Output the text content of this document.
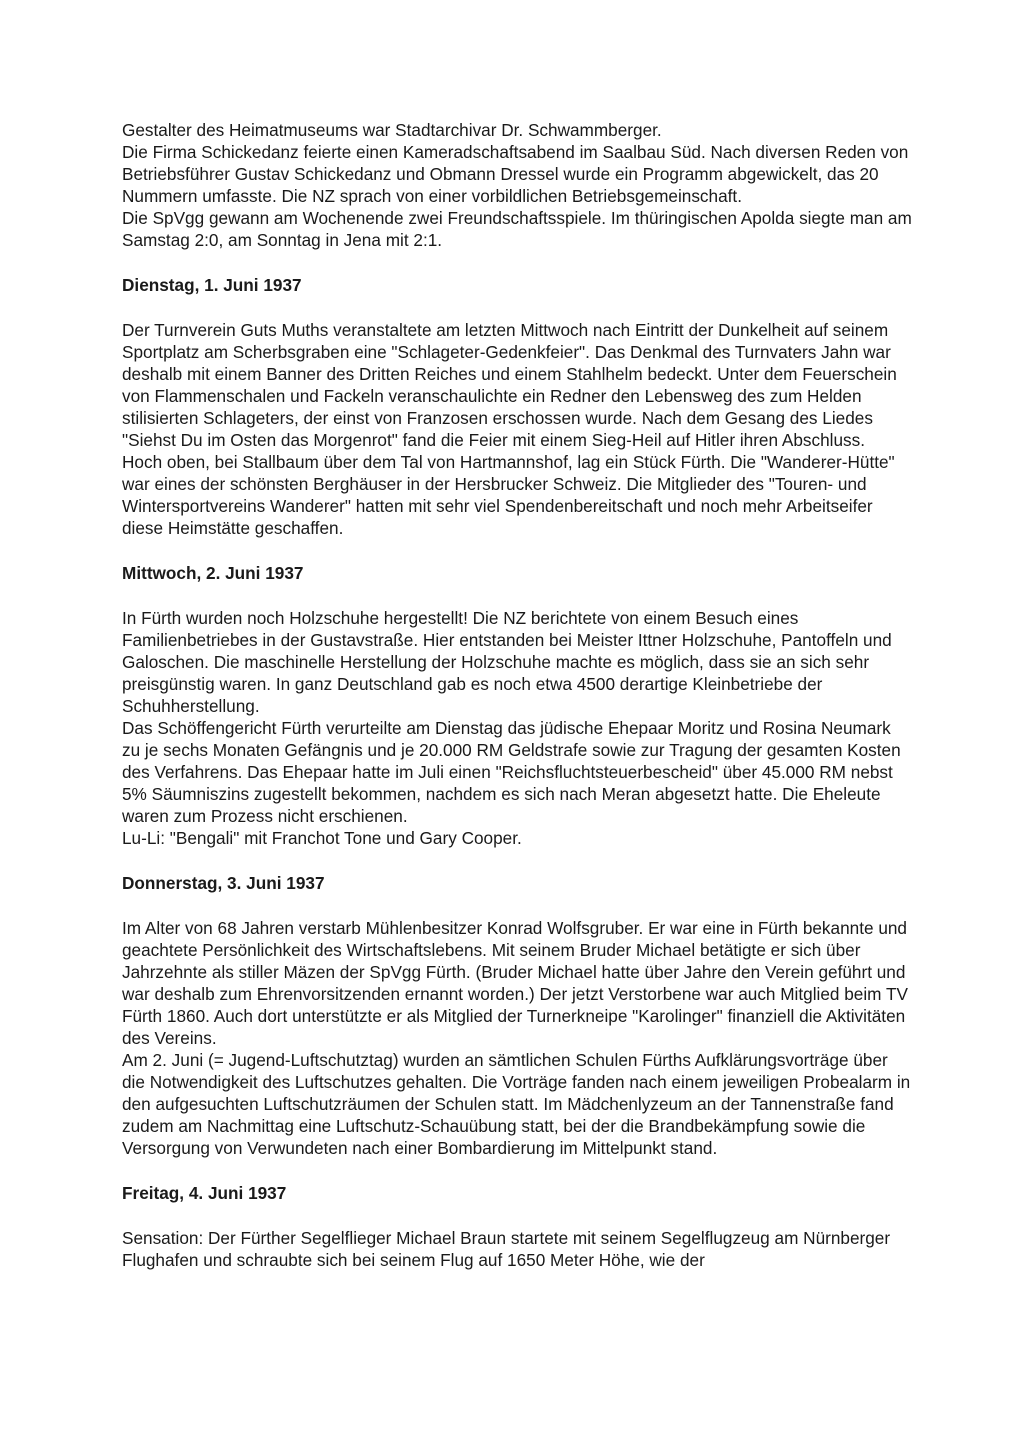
Gestalter des Heimatmuseums war Stadtarchivar Dr. Schwammberger.

Die Firma Schickedanz feierte einen Kameradschaftsabend im Saalbau Süd. Nach diversen Reden von Betriebsführer Gustav Schickedanz und Obmann Dressel wurde ein Programm abgewickelt, das 20 Nummern umfasste. Die NZ sprach von einer vorbildlichen Betriebsgemeinschaft.

Die SpVgg gewann am Wochenende zwei Freundschaftsspiele. Im thüringischen Apolda siegte man am Samstag 2:0, am Sonntag in Jena mit 2:1.

Dienstag, 1. Juni 1937

Der Turnverein Guts Muths veranstaltete am letzten Mittwoch nach Eintritt der Dunkelheit auf seinem Sportplatz am Scherbsgraben eine "Schlageter-Gedenkfeier". Das Denkmal des Turnvaters Jahn war deshalb mit einem Banner des Dritten Reiches und einem Stahlhelm bedeckt. Unter dem Feuerschein von Flammenschalen und Fackeln veranschaulichte ein Redner den Lebensweg des zum Helden stilisierten Schlageters, der einst von Franzosen erschossen wurde. Nach dem Gesang des Liedes "Siehst Du im Osten das Morgenrot" fand die Feier mit einem Sieg-Heil auf Hitler ihren Abschluss.

Hoch oben, bei Stallbaum über dem Tal von Hartmannshof, lag ein Stück Fürth. Die "Wanderer-Hütte" war eines der schönsten Berghäuser in der Hersbrucker Schweiz. Die Mitglieder des "Touren- und Wintersportvereins Wanderer" hatten mit sehr viel Spendenbereitschaft und noch mehr Arbeitseifer diese Heimstätte geschaffen.

Mittwoch, 2. Juni 1937

In Fürth wurden noch Holzschuhe hergestellt! Die NZ berichtete von einem Besuch eines Familienbetriebes in der Gustavstraße. Hier entstanden bei Meister Ittner Holzschuhe, Pantoffeln und Galoschen. Die maschinelle Herstellung der Holzschuhe machte es möglich, dass sie an sich sehr preisgünstig waren. In ganz Deutschland gab es noch etwa 4500 derartige Kleinbetriebe der Schuhherstellung.

Das Schöffengericht Fürth verurteilte am Dienstag das jüdische Ehepaar Moritz und Rosina Neumark zu je sechs Monaten Gefängnis und je 20.000 RM Geldstrafe sowie zur Tragung der gesamten Kosten des Verfahrens. Das Ehepaar hatte im Juli einen "Reichsfluchtsteuerbescheid" über 45.000 RM nebst 5% Säumniszins zugestellt bekommen, nachdem es sich nach Meran abgesetzt hatte. Die Eheleute waren zum Prozess nicht erschienen.

Lu-Li: "Bengali" mit Franchot Tone und Gary Cooper.

Donnerstag, 3. Juni 1937

Im Alter von 68 Jahren verstarb Mühlenbesitzer Konrad Wolfsgruber. Er war eine in Fürth bekannte und geachtete Persönlichkeit des Wirtschaftslebens. Mit seinem Bruder Michael betätigte er sich über Jahrzehnte als stiller Mäzen der SpVgg Fürth. (Bruder Michael hatte über Jahre den Verein geführt und war deshalb zum Ehrenvorsitzenden ernannt worden.) Der jetzt Verstorbene war auch Mitglied beim TV Fürth 1860. Auch dort unterstützte er als Mitglied der Turnerkneipe "Karolinger" finanziell die Aktivitäten des Vereins.

Am 2. Juni (= Jugend-Luftschutztag) wurden an sämtlichen Schulen Fürths Aufklärungsvorträge über die Notwendigkeit des Luftschutzes gehalten. Die Vorträge fanden nach einem jeweiligen Probealarm in den aufgesuchten Luftschutzräumen der Schulen statt. Im Mädchenlyzeum an der Tannenstraße fand zudem am Nachmittag eine Luftschutz-Schauübung statt, bei der die Brandbekämpfung sowie die Versorgung von Verwundeten nach einer Bombardierung im Mittelpunkt stand.

Freitag, 4. Juni 1937

Sensation: Der Fürther Segelflieger Michael Braun startete mit seinem Segelflugzeug am Nürnberger Flughafen und schraubte sich bei seinem Flug auf 1650 Meter Höhe, wie der
